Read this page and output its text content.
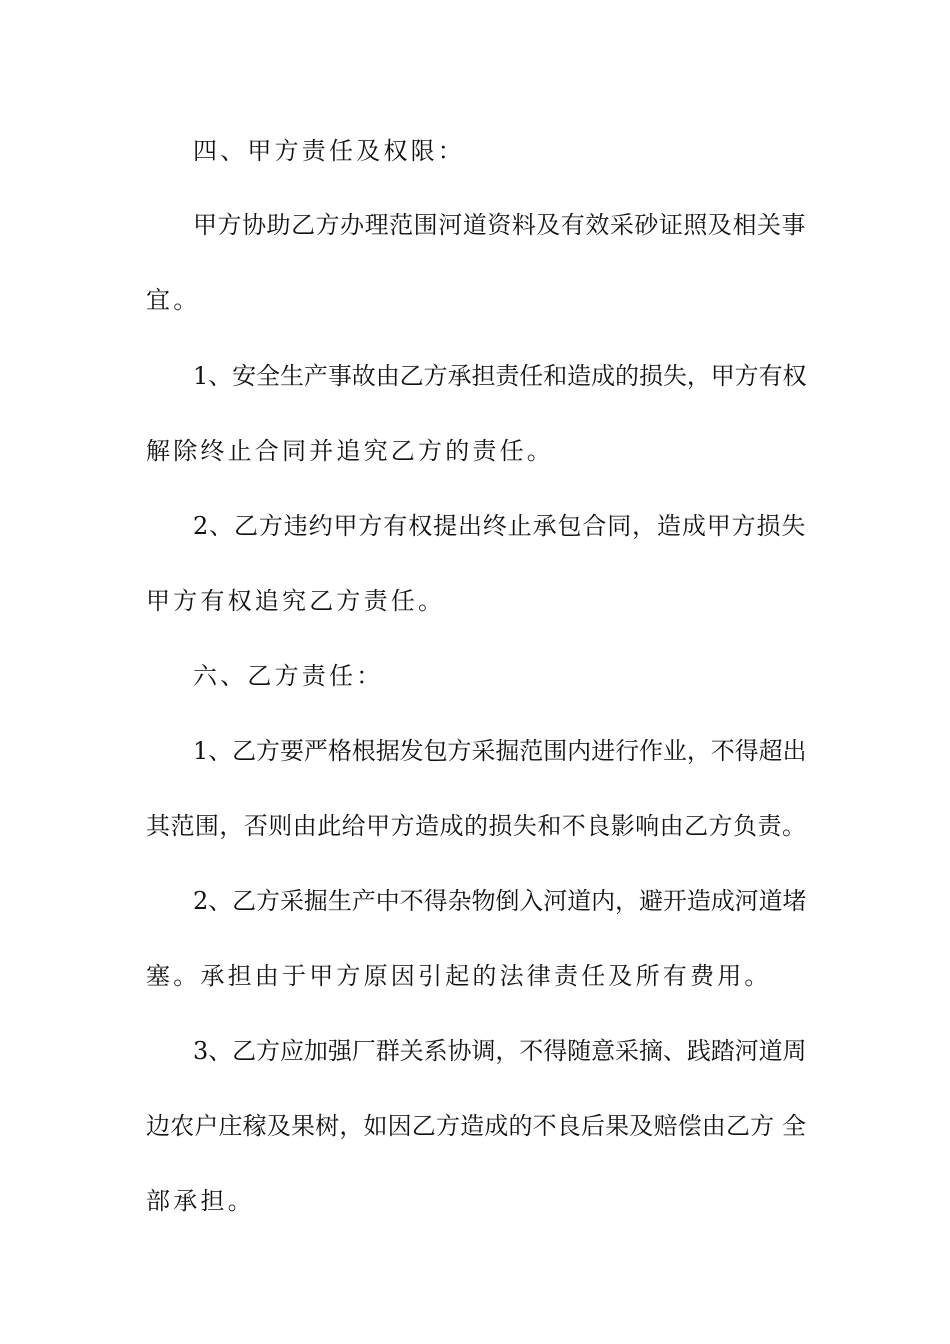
四、甲方责任及权限：
甲方协助乙方办理范围河道资料及有效采砂证照及相关事
宜。
1、安全生产事故由乙方承担责任和造成的损失，甲方有权
解除终止合同并追究乙方的责任。
2、乙方违约甲方有权提出终止承包合同，造成甲方损失
甲方有权追究乙方责任。
六、乙方责任：
1、乙方要严格根据发包方采掘范围内进行作业，不得超出
其范围，否则由此给甲方造成的损失和不良影响由乙方负责。
2、乙方采掘生产中不得杂物倒入河道内，避开造成河道堵
塞。承担由于甲方原因引起的法律责任及所有费用。
3、乙方应加强厂群关系协调，不得随意采摘、践踏河道周
边农户庄稼及果树，如因乙方造成的不良后果及赔偿由乙方 全
部承担。
